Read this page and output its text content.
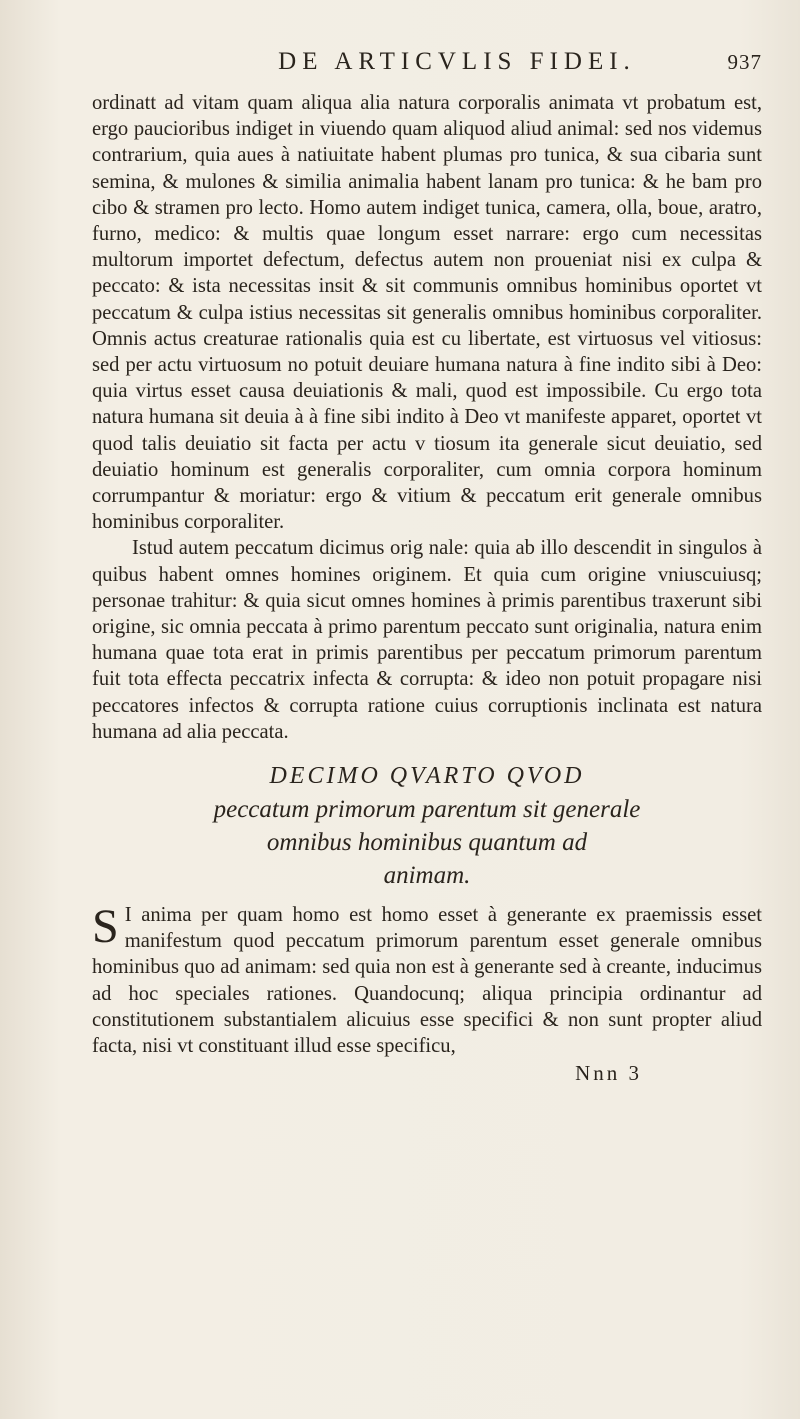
DE ARTICVLIS FIDEI.	937

ordinatt ad vitam quam aliqua alia natura corporalis animata vt probatum est, ergo paucioribus indiget in viuendo quam aliquod aliud animal: sed nos videmus contrarium, quia aues à natiuitate habent plumas pro tunica, & sua cibaria sunt semina, & mulones & similia animalia habent lanam pro tunica: & he bam pro cibo & stramen pro lecto. Homo autem indiget tunica, camera, olla, boue, aratro, furno, medico: & multis quae longum esset narrare: ergo cum necessitas multorum importet defectum, defectus autem non proueniat nisi ex culpa & peccato: & ista necessitas insit & sit communis omnibus hominibus oportet vt peccatum & culpa istius necessitas sit generalis omnibus hominibus corporaliter. Omnis actus creaturae rationalis quia est cu libertate, est virtuosus vel vitiosus: sed per actu virtuosum no potuit deuiare humana natura à fine indito sibi à Deo: quia virtus esset causa deuiationis & mali, quod est impossibile. Cu ergo tota natura humana sit deuia à à fine sibi indito à Deo vt manifeste apparet, oportet vt quod talis deuiatio sit facta per actu v tiosum ita generale sicut deuiatio, sed deuiatio hominum est generalis corporaliter, cum omnia corpora hominum corrumpantur & moriatur: ergo & vitium & peccatum erit generale omnibus hominibus corporaliter.

Istud autem peccatum dicimus orig nale: quia ab illo descendit in singulos à quibus habent omnes homines originem. Et quia cum origine vniuscuiusq; personae trahitur: & quia sicut omnes homines à primis parentibus traxerunt sibi origine, sic omnia peccata à primo parentum peccato sunt originalia, natura enim humana quae tota erat in primis parentibus per peccatum primorum parentum fuit tota effecta peccatrix infecta & corrupta: & ideo non potuit propagare nisi peccatores infectos & corrupta ratione cuius corruptionis inclinata est natura humana ad alia peccata.

DECIMO QVARTO QVOD
peccatum primorum parentum sit generale
omnibus hominibus quantum ad
animam.

S I anima per quam homo est homo esset à generante ex praemissis esset manifestum quod peccatum primorum parentum esset generale omnibus hominibus quo ad animam: sed quia non est à generante sed à creante, inducimus ad hoc speciales rationes. Quandocunq; aliqua principia ordinantur ad constitutionem substantialem alicuius esse specifici & non sunt propter aliud facta, nisi vt constituant illud esse specificu,

Nnn 3
